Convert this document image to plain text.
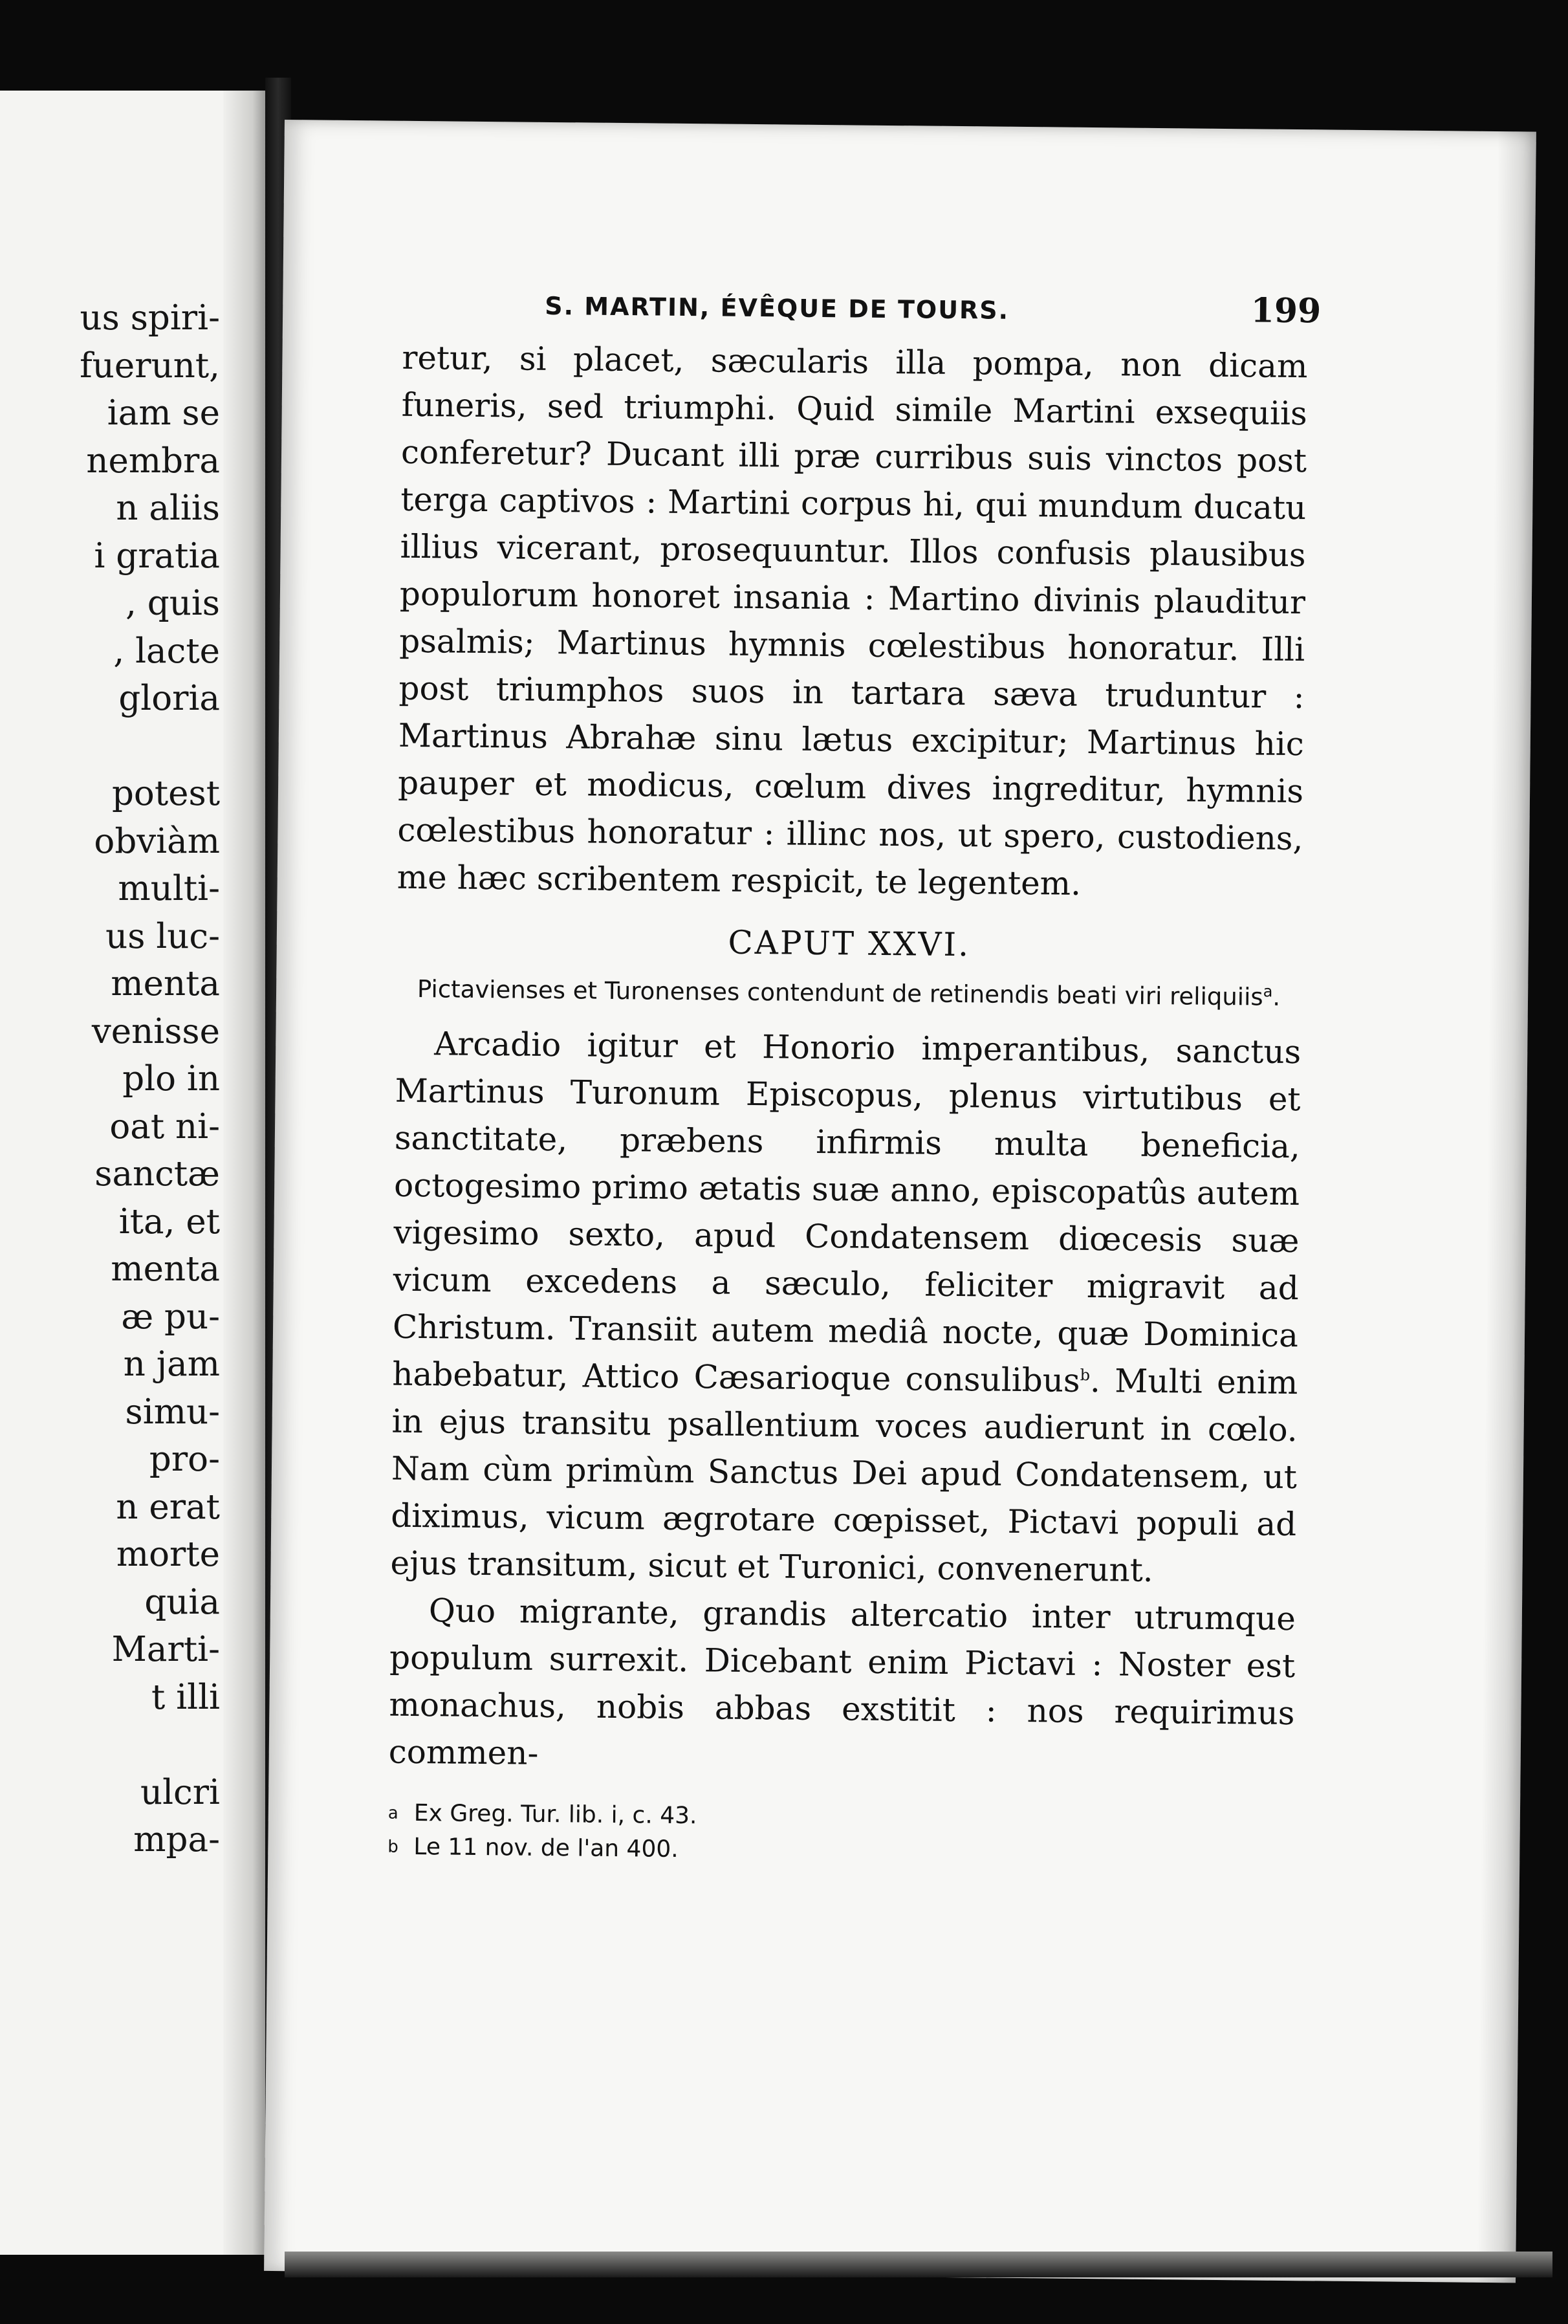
us spiri-
fuerunt,
iam se
nembra
n aliis
i gratia
, quis
, lacte
gloria
potest
obviàm
multi-
us luc-
menta
venisse
plo in
oat ni-
sanctæ
ita, et
menta
æ pu-
n jam
simu-
pro-
n erat
morte
quia
Marti-
t illi
ulcri
mpa-
S. MARTIN, ÉVÊQUE DE TOURS.	199

retur, si placet, sæcularis illa pompa, non dicam funeris, sed triumphi. Quid simile Martini exsequiis conferetur? Ducant illi præ curribus suis vinctos post terga captivos : Martini corpus hi, qui mundum ducatu illius vicerant, prosequuntur. Illos confusis plausibus populorum honoret insania : Martino divinis plauditur psalmis; Martinus hymnis cœlestibus honoratur. Illi post triumphos suos in tartara sæva truduntur : Martinus Abrahæ sinu lætus excipitur; Martinus hic pauper et modicus, cœlum dives ingreditur, hymnis cœlestibus honoratur : illinc nos, ut spero, custodiens, me hæc scribentem respicit, te legentem.

CAPUT XXVI.
Pictavienses et Turonenses contendunt de retinendis beati viri reliquiis$^a$.

Arcadio igitur et Honorio imperantibus, sanctus Martinus Turonum Episcopus, plenus virtutibus et sanctitate, præbens infirmis multa beneficia, octogesimo primo ætatis suæ anno, episcopatûs autem vigesimo sexto, apud Condatensem diœcesis suæ vicum excedens a sæculo, feliciter migravit ad Christum. Transiit autem mediâ nocte, quæ Dominica habebatur, Attico Cæsarioque consulibus$^b$. Multi enim in ejus transitu psallentium voces audierunt in cœlo. Nam cùm primùm Sanctus Dei apud Condatensem, ut diximus, vicum ægrotare cœpisset, Pictavi populi ad ejus transitum, sicut et Turonici, convenerunt.

Quo migrante, grandis altercatio inter utrumque populum surrexit. Dicebant enim Pictavi : Noster est monachus, nobis abbas exstitit : nos requirimus commen-

a Ex Greg. Tur. lib. i, c. 43.
b Le 11 nov. de l'an 400.
